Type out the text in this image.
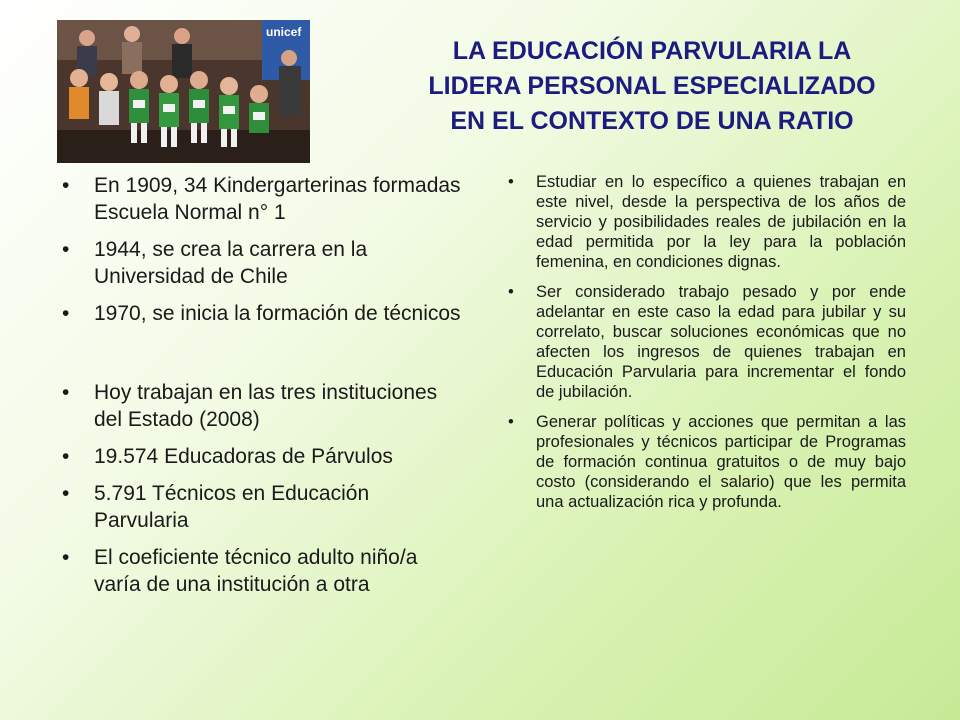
unicef
LA EDUCACIÓN PARVULARIA LA
LIDERA PERSONAL ESPECIALIZADO
EN EL CONTEXTO DE UNA RATIO
• En 1909, 34 Kindergarterinas formadas Escuela Normal n° 1
• 1944, se crea la carrera en la Universidad de Chile
• 1970, se inicia la formación de técnicos
• Hoy trabajan en las tres instituciones del Estado (2008)
• 19.574 Educadoras de Párvulos
• 5.791 Técnicos en Educación Parvularia
• El coeficiente técnico adulto niño/a varía de una institución a otra
• Estudiar en lo específico a quienes trabajan en este nivel, desde la perspectiva de los años de servicio y posibilidades reales de jubilación en la edad permitida por la ley para la población femenina, en condiciones dignas.
• Ser considerado trabajo pesado y por ende adelantar en este caso la edad para jubilar y su correlato, buscar soluciones económicas que no afecten los ingresos de quienes trabajan en Educación Parvularia para incrementar el fondo de jubilación.
• Generar políticas y acciones que permitan a las profesionales y técnicos participar de Programas de formación continua gratuitos o de muy bajo costo (considerando el salario) que les permita una actualización rica y profunda.
